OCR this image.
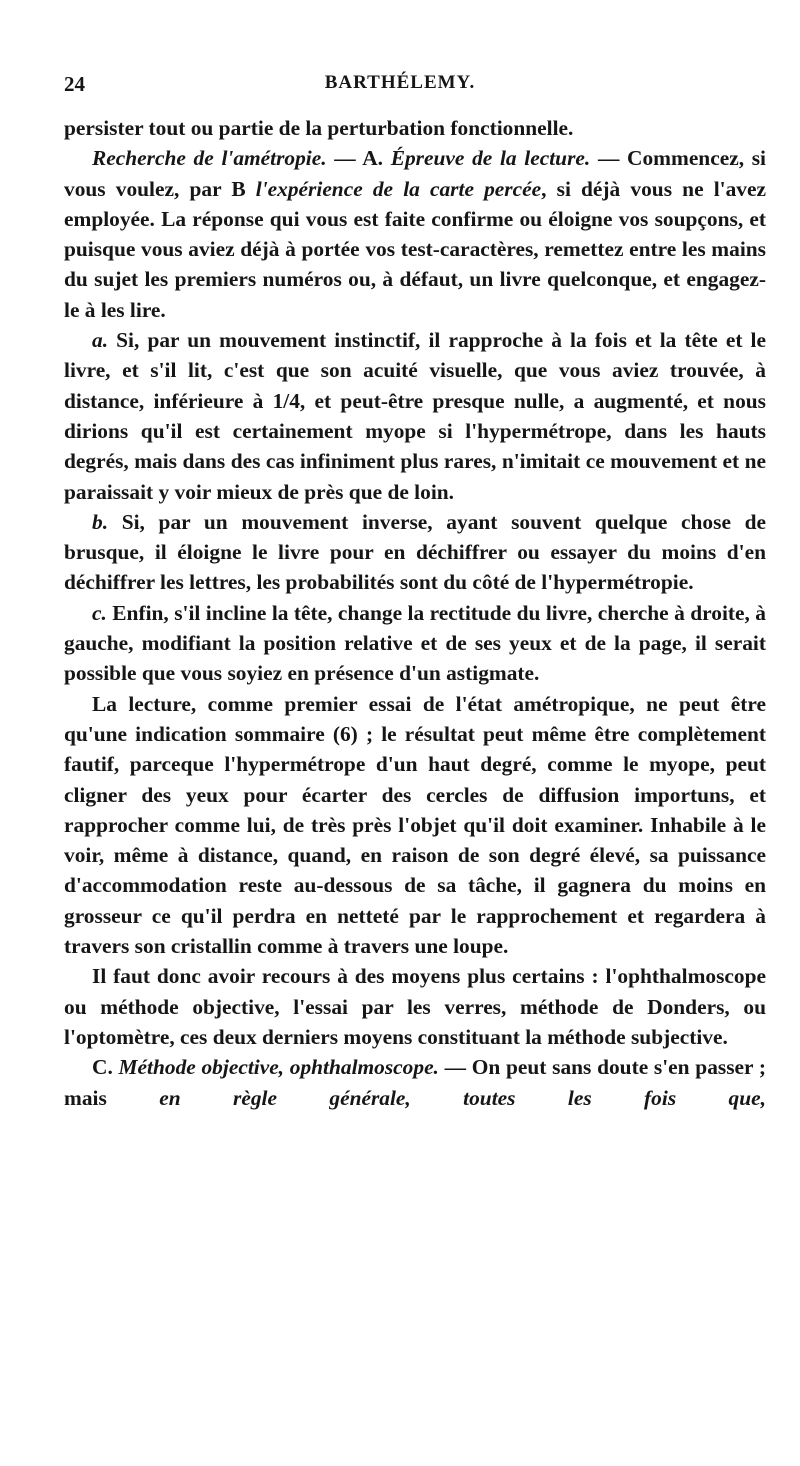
24	BARTHÉLEMY.

persister tout ou partie de la perturbation fonctionnelle.

Recherche de l'amétropie. — A. Épreuve de la lecture. — Commencez, si vous voulez, par B l'expérience de la carte percée, si déjà vous ne l'avez employée. La réponse qui vous est faite confirme ou éloigne vos soupçons, et puisque vous aviez déjà à portée vos test-caractères, remettez entre les mains du sujet les premiers numéros ou, à défaut, un livre quelconque, et engagez-le à les lire.

a. Si, par un mouvement instinctif, il rapproche à la fois et la tête et le livre, et s'il lit, c'est que son acuité visuelle, que vous aviez trouvée, à distance, inférieure à 1/4, et peut-être presque nulle, a augmenté, et nous dirions qu'il est certainement myope si l'hypermétrope, dans les hauts degrés, mais dans des cas infiniment plus rares, n'imitait ce mouvement et ne paraissait y voir mieux de près que de loin.

b. Si, par un mouvement inverse, ayant souvent quelque chose de brusque, il éloigne le livre pour en déchiffrer ou essayer du moins d'en déchiffrer les lettres, les probabilités sont du côté de l'hypermétropie.

c. Enfin, s'il incline la tête, change la rectitude du livre, cherche à droite, à gauche, modifiant la position relative et de ses yeux et de la page, il serait possible que vous soyiez en présence d'un astigmate.

La lecture, comme premier essai de l'état amétropique, ne peut être qu'une indication sommaire (6) ; le résultat peut même être complètement fautif, parceque l'hypermétrope d'un haut degré, comme le myope, peut cligner des yeux pour écarter des cercles de diffusion importuns, et rapprocher comme lui, de très près l'objet qu'il doit examiner. Inhabile à le voir, même à distance, quand, en raison de son degré élevé, sa puissance d'accommodation reste au-dessous de sa tâche, il gagnera du moins en grosseur ce qu'il perdra en netteté par le rapprochement et regardera à travers son cristallin comme à travers une loupe.

Il faut donc avoir recours à des moyens plus certains : l'ophthalmoscope ou méthode objective, l'essai par les verres, méthode de Donders, ou l'optomètre, ces deux derniers moyens constituant la méthode subjective.

C. Méthode objective, ophthalmoscope. — On peut sans doute s'en passer ; mais en règle générale, toutes les fois que,
